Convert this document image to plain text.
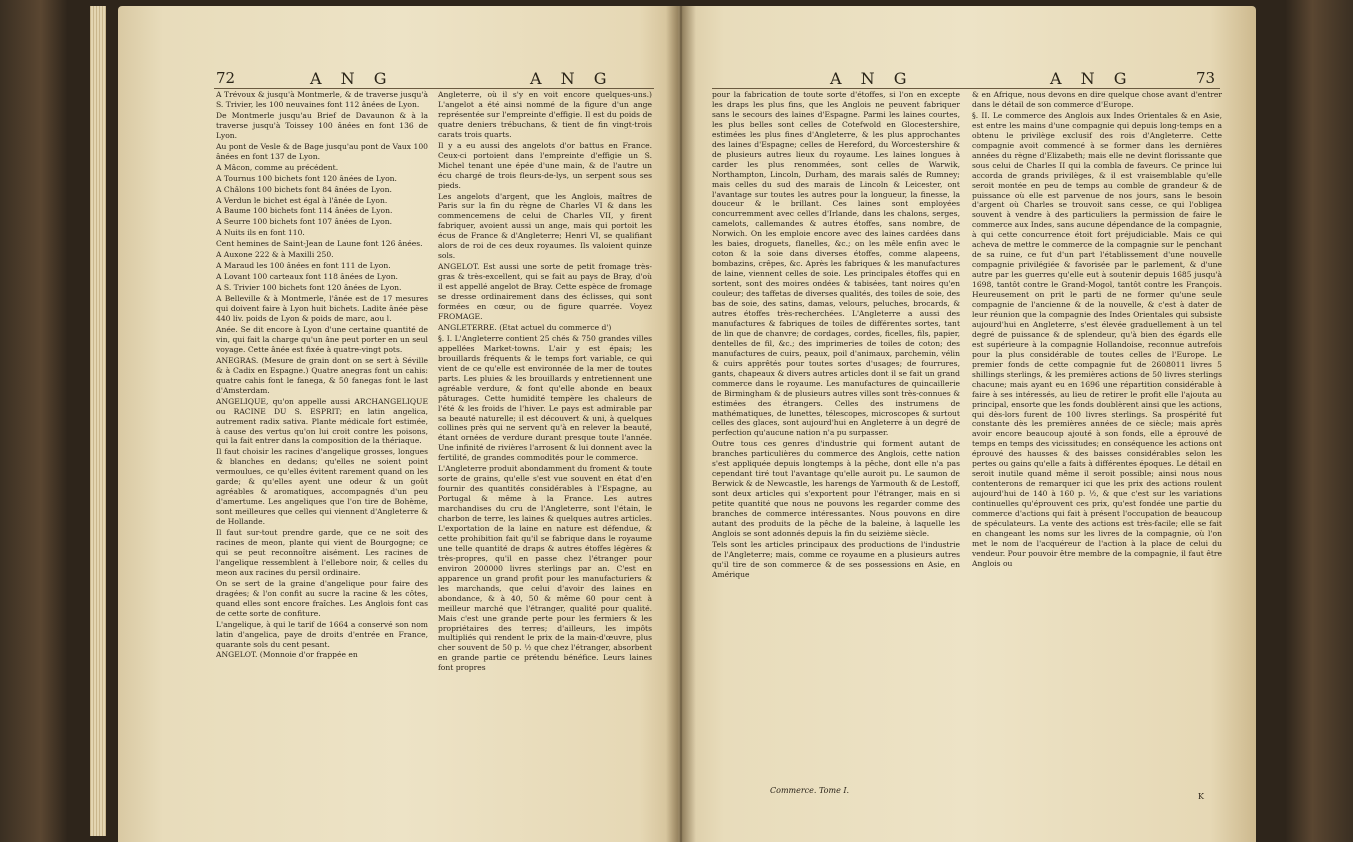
72	A N G	A N G

A Trévoux & jusqu'à Montmerle, & de traverse jusqu'à S. Trivier, les 100 neuvaines font 112 ânées de Lyon.

De Montmerle jusqu'au Brief de Davaunon & à la traverse jusqu'à Toissey 100 ânées en font 136 de Lyon.

Au pont de Vesle & de Bage jusqu'au pont de Vaux 100 ânées en font 137 de Lyon.

A Mâcon, comme au précédent.

A Tournus 100 bichets font 120 ânées de Lyon.

A Châlons 100 bichets font 84 ânées de Lyon.

A Verdun le bichet est égal à l'ânée de Lyon.

A Baume 100 bichets font 114 ânées de Lyon.

A Seurre 100 bichets font 107 ânées de Lyon.

A Nuits ils en font 110.

Cent hemines de Saint-Jean de Laune font 126 ânées.

A Auxone 222 & à Maxilli 250.

A Maraud les 100 ânées en font 111 de Lyon.

A Lovant 100 carteaux font 118 ânées de Lyon.

A S. Trivier 100 bichets font 120 ânées de Lyon.

A Belleville & à Montmerle, l'ânée est de 17 mesures qui doivent faire à Lyon huit bichets. Ladite ânée pèse 440 liv. poids de Lyon & poids de marc, aou l.

Anée. Se dit encore à Lyon d'une certaine quantité de vin, qui fait la charge qu'un âne peut porter en un seul voyage. Cette ânée est fixée à quatre-vingt pots.

ANEGRAS. (Mesure de grain dont on se sert à Séville & à Cadix en Espagne.) Quatre anegras font un cahis: quatre cahis font le fanega, & 50 fanegas font le last d'Amsterdam.

ANGELIQUE, qu'on appelle aussi ARCHANGELIQUE ou RACINE DU S. ESPRIT; en latin angelica, autrement radix sativa. Plante médicale fort estimée, à cause des vertus qu'on lui croit contre les poisons, qui la fait entrer dans la composition de la thériaque.

Il faut choisir les racines d'angelique grosses, longues & blanches en dedans; qu'elles ne soient point vermoulues, ce qu'elles évitent rarement quand on les garde; & qu'elles ayent une odeur & un goût agréables & aromatiques, accompagnés d'un peu d'amertume. Les angeliques que l'on tire de Bohème, sont meilleures que celles qui viennent d'Angleterre & de Hollande.

Il faut sur-tout prendre garde, que ce ne soit des racines de meon, plante qui vient de Bourgogne; ce qui se peut reconnoître aisément. Les racines de l'angelique ressemblent à l'ellebore noir, & celles du meon aux racines du persil ordinaire.

On se sert de la graine d'angelique pour faire des dragées; & l'on confit au sucre la racine & les côtes, quand elles sont encore fraîches. Les Anglois font cas de cette sorte de confiture.

L'angelique, à qui le tarif de 1664 a conservé son nom latin d'angelica, paye de droits d'entrée en France, quarante sols du cent pesant.

ANGELOT. (Monnoie d'or frappée en

Angleterre, où il s'y en voit encore quelques-uns.) L'angelot a été ainsi nommé de la figure d'un ange représentée sur l'empreinte d'effigie. Il est du poids de quatre deniers trébuchans, & tient de fin vingt-trois carats trois quarts.

Il y a eu aussi des angelots d'or battus en France. Ceux-ci portoient dans l'empreinte d'effigie un S. Michel tenant une épée d'une main, & de l'autre un écu chargé de trois fleurs-de-lys, un serpent sous ses pieds.

Les angelots d'argent, que les Anglois, maîtres de Paris sur la fin du règne de Charles VI & dans les commencemens de celui de Charles VII, y firent fabriquer, avoient aussi un ange, mais qui portoit les écus de France & d'Angleterre; Henri VI, se qualifiant alors de roi de ces deux royaumes. Ils valoient quinze sols.

ANGELOT. Est aussi une sorte de petit fromage très-gras & très-excellent, qui se fait au pays de Bray, d'où il est appellé angelot de Bray. Cette espèce de fromage se dresse ordinairement dans des éclisses, qui sont formées en cœur, ou de figure quarrée. Voyez FROMAGE.

ANGLETERRE. (Etat actuel du commerce d')

§. I. L'Angleterre contient 25 chés & 750 grandes villes appellées Market-towns. L'air y est épais; les brouillards fréquents & le temps fort variable, ce qui vient de ce qu'elle est environnée de la mer de toutes parts. Les pluies & les brouillards y entretiennent une agréable verdure, & font qu'elle abonde en beaux pâturages. Cette humidité tempère les chaleurs de l'été & les froids de l'hiver. Le pays est admirable par sa beauté naturelle; il est découvert & uni, à quelques collines près qui ne servent qu'à en relever la beauté, étant ornées de verdure durant presque toute l'année. Une infinité de rivières l'arrosent & lui donnent avec la fertilité, de grandes commodités pour le commerce.

L'Angleterre produit abondamment du froment & toute sorte de grains, qu'elle s'est vue souvent en état d'en fournir des quantités considérables à l'Espagne, au Portugal & même à la France. Les autres marchandises du cru de l'Angleterre, sont l'étain, le charbon de terre, les laines & quelques autres articles. L'exportation de la laine en nature est défendue, & cette prohibition fait qu'il se fabrique dans le royaume une telle quantité de draps & autres étoffes légères & très-propres, qu'il en passe chez l'étranger pour environ 200000 livres sterlings par an. C'est en apparence un grand profit pour les manufacturiers & les marchands, que celui d'avoir des laines en abondance, & à 40, 50 & même 60 pour cent à meilleur marché que l'étranger, qualité pour qualité. Mais c'est une grande perte pour les fermiers & les propriétaires des terres; d'ailleurs, les impôts multipliés qui rendent le prix de la main-d'œuvre, plus cher souvent de 50 p. ½ que chez l'étranger, absorbent en grande partie ce prétendu bénéfice. Leurs laines font propres

A N G	A N G	73

pour la fabrication de toute sorte d'étoffes, si l'on en excepte les draps les plus fins, que les Anglois ne peuvent fabriquer sans le secours des laines d'Espagne. Parmi les laines courtes, les plus belles sont celles de Cotefwold en Glocestershire, estimées les plus fines d'Angleterre, & les plus approchantes des laines d'Espagne; celles de Hereford, du Worcestershire & de plusieurs autres lieux du royaume. Les laines longues à carder les plus renommées, sont celles de Warwik, Northampton, Lincoln, Durham, des marais salés de Rumney; mais celles du sud des marais de Lincoln & Leicester, ont l'avantage sur toutes les autres pour la longueur, la finesse, la douceur & le brillant. Ces laines sont employées concurremment avec celles d'Irlande, dans les chalons, serges, camelots, callemandes & autres étoffes, sans nombre, de Norwich. On les emploie encore avec des laines cardées dans les baies, droguets, flanelles, &c.; on les mêle enfin avec le coton & la soie dans diverses étoffes, comme alapeens, bombazins, crêpes, &c. Après les fabriques & les manufactures de laine, viennent celles de soie. Les principales étoffes qui en sortent, sont des moires ondées & tabisées, tant noires qu'en couleur; des taffetas de diverses qualités, des toiles de soie, des bas de soie, des satins, damas, velours, peluches, brocards, & autres étoffes très-recherchées. L'Angleterre a aussi des manufactures & fabriques de toiles de différentes sortes, tant de lin que de chanvre; de cordages, cordes, ficelles, fils, papier, dentelles de fil, &c.; des imprimeries de toiles de coton; des manufactures de cuirs, peaux, poil d'animaux, parchemin, vélin & cuirs apprêtés pour toutes sortes d'usages; de fourrures, gants, chapeaux & divers autres articles dont il se fait un grand commerce dans le royaume. Les manufactures de quincaillerie de Birmingham & de plusieurs autres villes sont très-connues & estimées des étrangers. Celles des instrumens de mathématiques, de lunettes, télescopes, microscopes & surtout celles des glaces, sont aujourd'hui en Angleterre à un degré de perfection qu'aucune nation n'a pu surpasser.

Outre tous ces genres d'industrie qui forment autant de branches particulières du commerce des Anglois, cette nation s'est appliquée depuis longtemps à la pêche, dont elle n'a pas cependant tiré tout l'avantage qu'elle auroit pu. Le saumon de Berwick & de Newcastle, les harengs de Yarmouth & de Lestoff, sont deux articles qui s'exportent pour l'étranger, mais en si petite quantité que nous ne pouvons les regarder comme des branches de commerce intéressantes. Nous pouvons en dire autant des produits de la pêche de la baleine, à laquelle les Anglois se sont adonnés depuis la fin du seizième siècle.

Tels sont les articles principaux des productions de l'industrie de l'Angleterre; mais, comme ce royaume en a plusieurs autres qu'il tire de son commerce & de ses possessions en Asie, en Amérique

& en Afrique, nous devons en dire quelque chose avant d'entrer dans le détail de son commerce d'Europe.

§. II. Le commerce des Anglois aux Indes Orientales & en Asie, est entre les mains d'une compagnie qui depuis long-temps en a obtenu le privilège exclusif des rois d'Angleterre. Cette compagnie avoit commencé à se former dans les dernières années du règne d'Elizabeth; mais elle ne devint florissante que sous celui de Charles II qui la combla de faveurs. Ce prince lui accorda de grands privilèges, & il est vraisemblable qu'elle seroit montée en peu de temps au comble de grandeur & de puissance où elle est parvenue de nos jours, sans le besoin d'argent où Charles se trouvoit sans cesse, ce qui l'obligea souvent à vendre à des particuliers la permission de faire le commerce aux Indes, sans aucune dépendance de la compagnie, à qui cette concurrence étoit fort préjudiciable. Mais ce qui acheva de mettre le commerce de la compagnie sur le penchant de sa ruine, ce fut d'un part l'établissement d'une nouvelle compagnie privilégiée & favorisée par le parlement, & d'une autre par les guerres qu'elle eut à soutenir depuis 1685 jusqu'à 1698, tantôt contre le Grand-Mogol, tantôt contre les François. Heureusement on prit le parti de ne former qu'une seule compagnie de l'ancienne & de la nouvelle, & c'est à dater de leur réunion que la compagnie des Indes Orientales qui subsiste aujourd'hui en Angleterre, s'est élevée graduellement à un tel degré de puissance & de splendeur, qu'à bien des égards elle est supérieure à la compagnie Hollandoise, reconnue autrefois pour la plus considérable de toutes celles de l'Europe. Le premier fonds de cette compagnie fut de 2608011 livres 5 shillings sterlings, & les premières actions de 50 livres sterlings chacune; mais ayant eu en 1696 une répartition considérable à faire à ses intéressés, au lieu de retirer le profit elle l'ajouta au principal, ensorte que les fonds doublèrent ainsi que les actions, qui dès-lors furent de 100 livres sterlings. Sa prospérité fut constante dès les premières années de ce siècle; mais après avoir encore beaucoup ajouté à son fonds, elle a éprouvé de temps en temps des vicissitudes; en conséquence les actions ont éprouvé des hausses & des baisses considérables selon les pertes ou gains qu'elle a faits à différentes époques. Le détail en seroit inutile quand même il seroit possible; ainsi nous nous contenterons de remarquer ici que les prix des actions roulent aujourd'hui de 140 à 160 p. ½, & que c'est sur les variations continuelles qu'éprouvent ces prix, qu'est fondée une partie du commerce d'actions qui fait à présent l'occupation de beaucoup de spéculateurs. La vente des actions est très-facile; elle se fait en changeant les noms sur les livres de la compagnie, où l'on met le nom de l'acquéreur de l'action à la place de celui du vendeur. Pour pouvoir être membre de la compagnie, il faut être Anglois ou

Commerce. Tome I.
K
